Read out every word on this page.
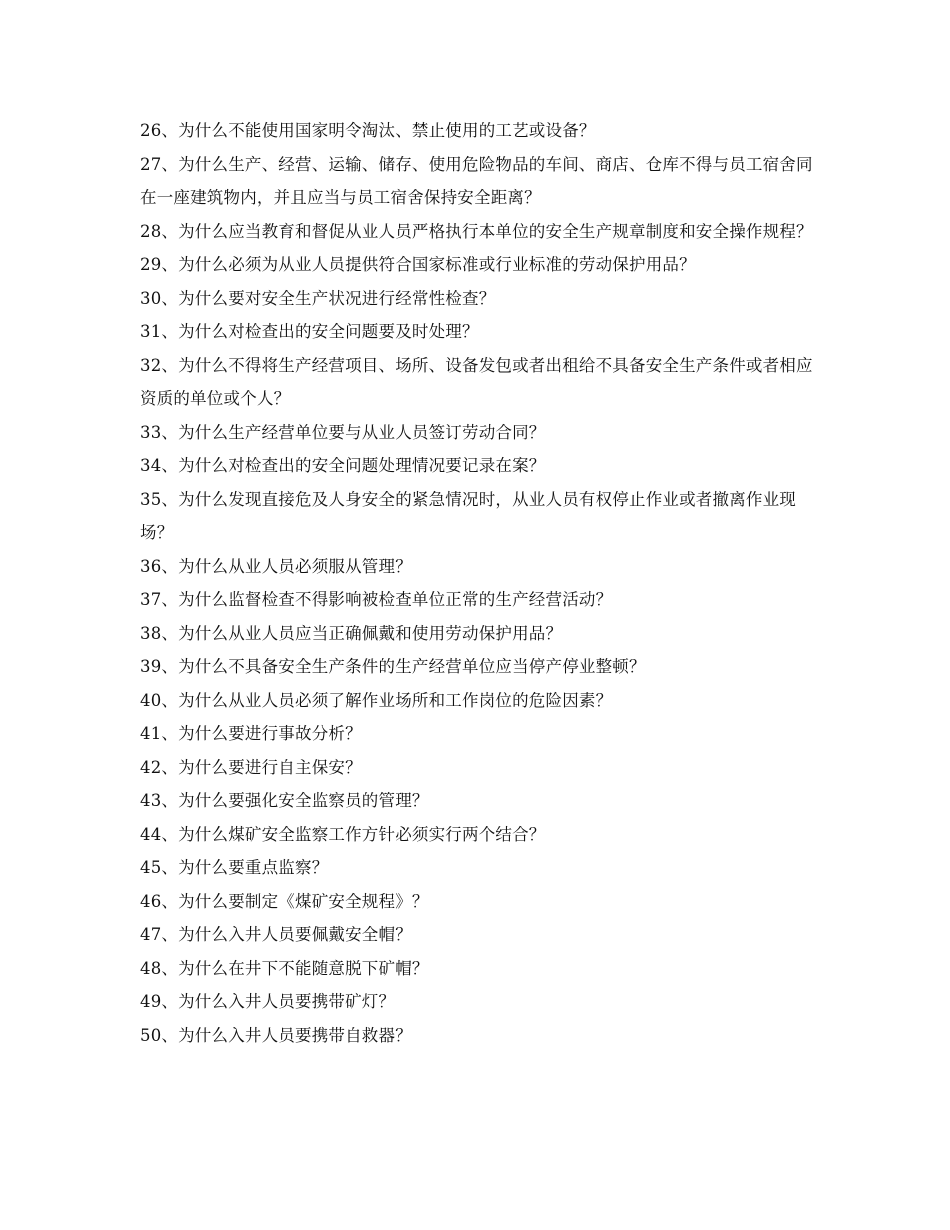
26、为什么不能使用国家明令淘汰、禁止使用的工艺或设备？
27、为什么生产、经营、运输、储存、使用危险物品的车间、商店、仓库不得与员工宿舍同在一座建筑物内，并且应当与员工宿舍保持安全距离？
28、为什么应当教育和督促从业人员严格执行本单位的安全生产规章制度和安全操作规程？
29、为什么必须为从业人员提供符合国家标准或行业标准的劳动保护用品？
30、为什么要对安全生产状况进行经常性检查？
31、为什么对检查出的安全问题要及时处理？
32、为什么不得将生产经营项目、场所、设备发包或者出租给不具备安全生产条件或者相应资质的单位或个人？
33、为什么生产经营单位要与从业人员签订劳动合同？
34、为什么对检查出的安全问题处理情况要记录在案？
35、为什么发现直接危及人身安全的紧急情况时，从业人员有权停止作业或者撤离作业现场？
36、为什么从业人员必须服从管理？
37、为什么监督检查不得影响被检查单位正常的生产经营活动？
38、为什么从业人员应当正确佩戴和使用劳动保护用品？
39、为什么不具备安全生产条件的生产经营单位应当停产停业整顿？
40、为什么从业人员必须了解作业场所和工作岗位的危险因素？
41、为什么要进行事故分析？
42、为什么要进行自主保安？
43、为什么要强化安全监察员的管理？
44、为什么煤矿安全监察工作方针必须实行两个结合？
45、为什么要重点监察？
46、为什么要制定《煤矿安全规程》？
47、为什么入井人员要佩戴安全帽？
48、为什么在井下不能随意脱下矿帽？
49、为什么入井人员要携带矿灯？
50、为什么入井人员要携带自救器？
